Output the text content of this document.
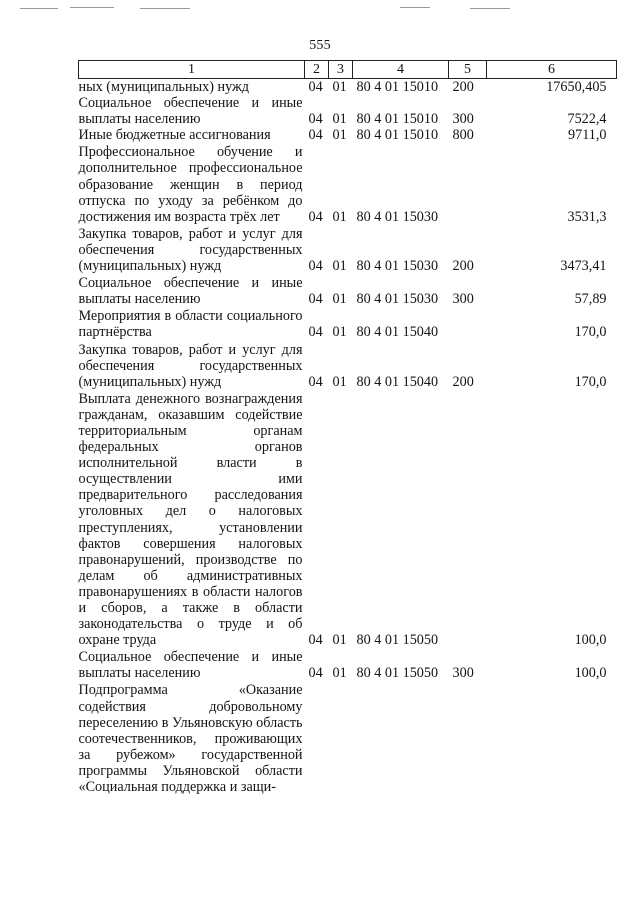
555
1	2	3	4	5	6
ных (муниципальных) нужд	04	01	80 4 01 15010	200	17650,405
Социальное обеспечение и иные выплаты населению	04	01	80 4 01 15010	300	7522,4
Иные бюджетные ассигнования	04	01	80 4 01 15010	800	9711,0
Профессиональное обучение и дополнительное профессиональное образование женщин в период отпуска по уходу за ребёнком до достижения им возраста трёх лет	04	01	80 4 01 15030		3531,3
Закупка товаров, работ и услуг для обеспечения государственных (муниципальных) нужд	04	01	80 4 01 15030	200	3473,41
Социальное обеспечение и иные выплаты населению	04	01	80 4 01 15030	300	57,89
Мероприятия в области социального партнёрства	04	01	80 4 01 15040		170,0
Закупка товаров, работ и услуг для обеспечения государственных (муниципальных) нужд	04	01	80 4 01 15040	200	170,0
Выплата денежного вознаграждения гражданам, оказавшим содействие территориальным органам федеральных органов исполнительной власти в осуществлении ими предварительного расследования уголовных дел о налоговых преступлениях, установлении фактов совершения налоговых правонарушений, производстве по делам об административных правонарушениях в области налогов и сборов, а также в области законодательства о труде и об охране труда	04	01	80 4 01 15050		100,0
Социальное обеспечение и иные выплаты населению	04	01	80 4 01 15050	300	100,0
Подпрограмма «Оказание содействия добровольному переселению в Ульяновскую область соотечественников, проживающих за рубежом» государственной программы Ульяновской области «Социальная поддержка и защи-					
